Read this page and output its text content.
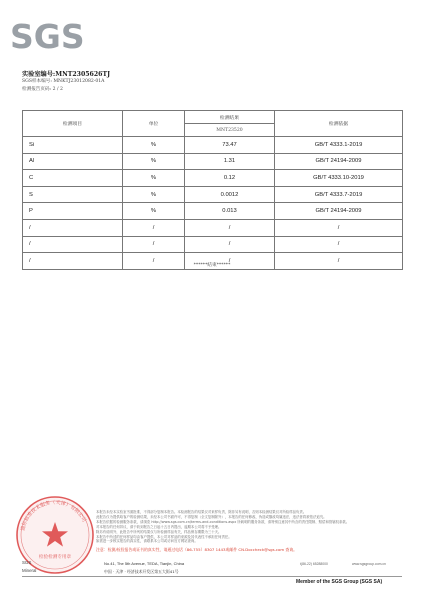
SGS
实验室编号:MNT2305626TJ
SGS样本编号: MNKTJ23012082-01A
检测报告页码: 2 / 2
检测项目	单位	检测结果	检测依据
		MNT23520	
Si	%	73.47	GB/T 4333.1-2019
Al	%	1.31	GB/T 24194-2009
C	%	0.12	GB/T 4333.10-2019
S	%	0.0012	GB/T 4333.7-2019
P	%	0.013	GB/T 24194-2009
/	/	/	/
/	/	/	/
/	/	/	/
******结束******
通标标准技术服务（天津）有限公司
检验检测专用章
本报告未经本实验室书面批准，不得部分复制本报告。本检测报告的结果仅对来样负责，除非另有说明，否则本检测结果仅对所检样品负责。
此报告仅为提供给客户的检测结果，未经本公司书面许可，不得复制（全文复制除外），本报告的任何修改、伪造或篡改均属违法，违法者将被依法追究。
本报告依据的检测服务条款，请浏览 http://www.sgs.com.cn/terms-and-conditions.aspx 所载明的服务条款，请特别注意其中所含的责任限制、赔偿和管辖权条款。
对本报告的任何异议，请于收到报告之日起十五日内提出，逾期本公司将不予受理。
除另有说明外，此报告中所列的结果仅与所检测样品有关，样品保存期限为三十天。
本报告中所述的任何样品均由客户提供，本公司对样品的来源及其代表性不承担任何责任。
如需进一步核实报告的真实性，请联系本公司或访问官方网站查询。
注意：检测/检验报告或证书的真实性，请通过电话（86-755）8307 1443或邮件 CN.Doccheck@sgs.com 查询。
SGS
Mineral
No.41, The 5th Avenue, TEDA, Tianjin, China
中国 · 天津 · 经济技术开发区第五大街41号
t(86-22) 65288000	www.sgsgroup.com.cn
Member of the SGS Group (SGS SA)
